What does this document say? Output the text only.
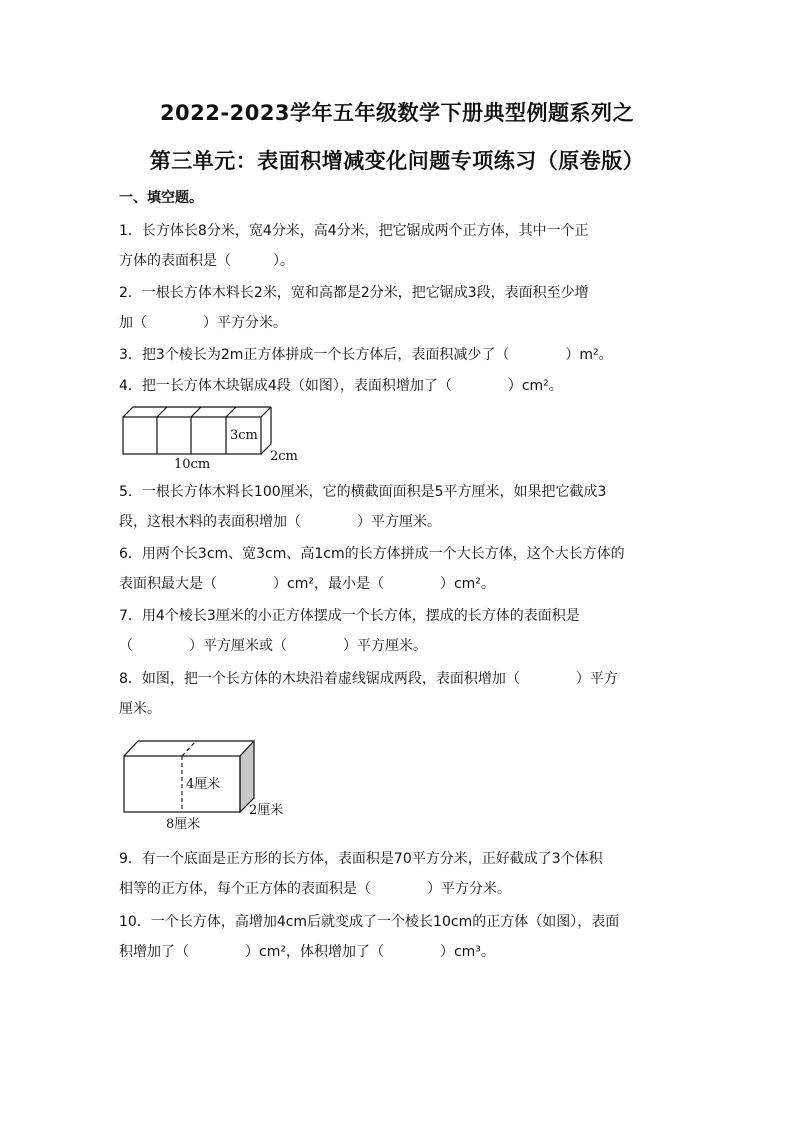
2022-2023学年五年级数学下册典型例题系列之
第三单元：表面积增减变化问题专项练习（原卷版）
一、填空题。
1．长方体长8分米，宽4分米，高4分米，把它锯成两个正方体，其中一个正
方体的表面积是（　　　）。
2．一根长方体木料长2米，宽和高都是2分米，把它锯成3段，表面积至少增
加（　　　　）平方分米。
3．把3个棱长为2m正方体拼成一个长方体后，表面积减少了（　　　　）m²。
4．把一长方体木块锯成4段（如图），表面积增加了（　　　　）cm²。
3cm
10cm
2cm
5．一根长方体木料长100厘米，它的横截面面积是5平方厘米，如果把它截成3
段，这根木料的表面积增加（　　　　）平方厘米。
6．用两个长3cm、宽3cm、高1cm的长方体拼成一个大长方体，这个大长方体的
表面积最大是（　　　　）cm²，最小是（　　　　）cm²。
7．用4个棱长3厘米的小正方体摆成一个长方体，摆成的长方体的表面积是
（　　　　）平方厘米或（　　　　）平方厘米。
8．如图，把一个长方体的木块沿着虚线锯成两段，表面积增加（　　　　）平方
厘米。
4厘米
8厘米
2厘米
9．有一个底面是正方形的长方体，表面积是70平方分米，正好截成了3个体积
相等的正方体，每个正方体的表面积是（　　　　）平方分米。
10．一个长方体，高增加4cm后就变成了一个棱长10cm的正方体（如图），表面
积增加了（　　　　）cm²，体积增加了（　　　　）cm³。
